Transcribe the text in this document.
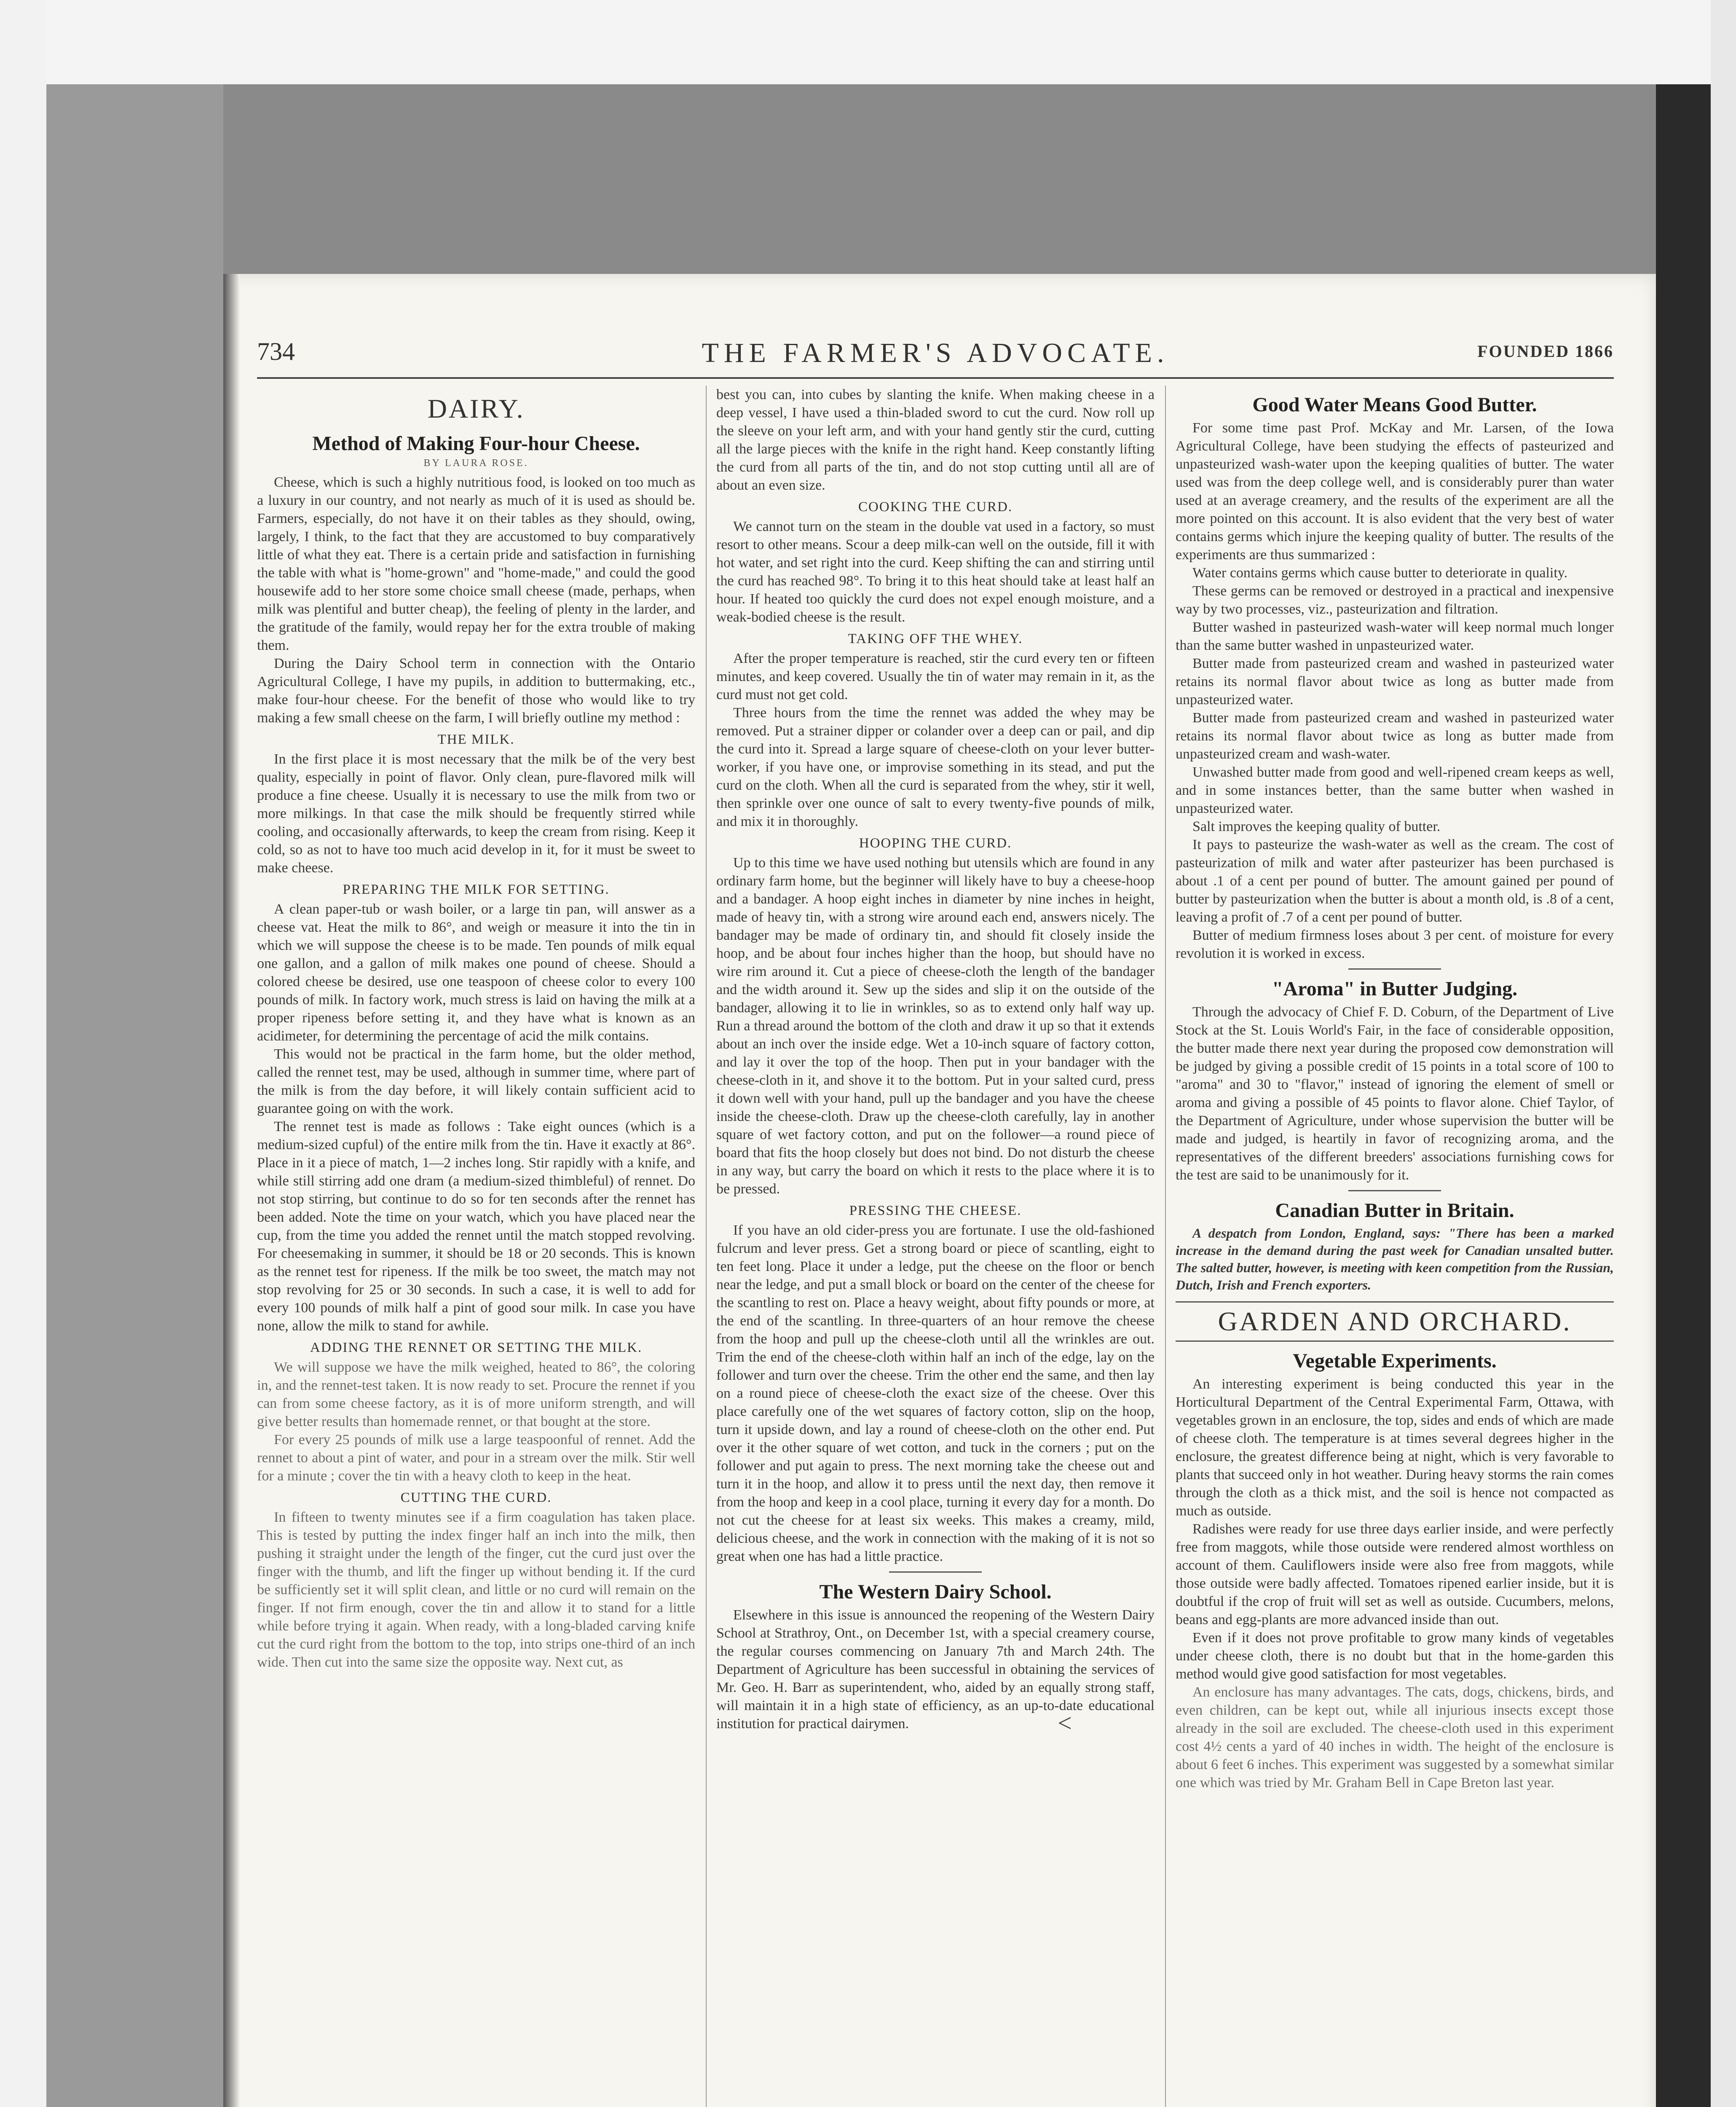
THE FARMER'S ADVOCATE.
734	FOUNDED 1866
DAIRY.
Method of Making Four-hour Cheese.
BY LAURA ROSE.

Cheese, which is such a highly nutritious food, is looked on too much as a luxury in our country, and not nearly as much of it is used as should be. Farmers, especially, do not have it on their tables as they should, owing, largely, I think, to the fact that they are accustomed to buy comparatively little of what they eat. There is a certain pride and satisfaction in furnishing the table with what is "home-grown" and "home-made," and could the good housewife add to her store some choice small cheese (made, perhaps, when milk was plentiful and butter cheap), the feeling of plenty in the larder, and the gratitude of the family, would repay her for the extra trouble of making them.

During the Dairy School term in connection with the Ontario Agricultural College, I have my pupils, in addition to buttermaking, etc., make four-hour cheese. For the benefit of those who would like to try making a few small cheese on the farm, I will briefly outline my method :

THE MILK.

In the first place it is most necessary that the milk be of the very best quality, especially in point of flavor. Only clean, pure-flavored milk will produce a fine cheese. Usually it is necessary to use the milk from two or more milkings. In that case the milk should be frequently stirred while cooling, and occasionally afterwards, to keep the cream from rising. Keep it cold, so as not to have too much acid develop in it, for it must be sweet to make cheese.

PREPARING THE MILK FOR SETTING.

A clean paper-tub or wash boiler, or a large tin pan, will answer as a cheese vat. Heat the milk to 86°, and weigh or measure it into the tin in which we will suppose the cheese is to be made. Ten pounds of milk equal one gallon, and a gallon of milk makes one pound of cheese. Should a colored cheese be desired, use one teaspoon of cheese color to every 100 pounds of milk. In factory work, much stress is laid on having the milk at a proper ripeness before setting it, and they have what is known as an acidimeter, for determining the percentage of acid the milk contains.

This would not be practical in the farm home, but the older method, called the rennet test, may be used, although in summer time, where part of the milk is from the day before, it will likely contain sufficient acid to guarantee going on with the work.

The rennet test is made as follows : Take eight ounces (which is a medium-sized cupful) of the entire milk from the tin. Have it exactly at 86°. Place in it a piece of match, 1—2 inches long. Stir rapidly with a knife, and while still stirring add one dram (a medium-sized thimbleful) of rennet. Do not stop stirring, but continue to do so for ten seconds after the rennet has been added. Note the time on your watch, which you have placed near the cup, from the time you added the rennet until the match stopped revolving. For cheesemaking in summer, it should be 18 or 20 seconds. This is known as the rennet test for ripeness. If the milk be too sweet, the match may not stop revolving for 25 or 30 seconds. In such a case, it is well to add for every 100 pounds of milk half a pint of good sour milk. In case you have none, allow the milk to stand for awhile.

ADDING THE RENNET OR SETTING THE MILK.

We will suppose we have the milk weighed, heated to 86°, the coloring in, and the rennet-test taken. It is now ready to set. Procure the rennet if you can from some cheese factory, as it is of more uniform strength, and will give better results than homemade rennet, or that bought at the store.

For every 25 pounds of milk use a large teaspoonful of rennet. Add the rennet to about a pint of water, and pour in a stream over the milk. Stir well for a minute ; cover the tin with a heavy cloth to keep in the heat.

CUTTING THE CURD.

In fifteen to twenty minutes see if a firm coagulation has taken place. This is tested by putting the index finger half an inch into the milk, then pushing it straight under the length of the finger, cut the curd just over the finger with the thumb, and lift the finger up without bending it. If the curd be sufficiently set it will split clean, and little or no curd will remain on the finger. If not firm enough, cover the tin and allow it to stand for a little while before trying it again. When ready, with a long-bladed carving knife cut the curd right from the bottom to the top, into strips one-third of an inch wide. Then cut into the same size the opposite way. Next cut, as

best you can, into cubes by slanting the knife. When making cheese in a deep vessel, I have used a thin-bladed sword to cut the curd. Now roll up the sleeve on your left arm, and with your hand gently stir the curd, cutting all the large pieces with the knife in the right hand. Keep constantly lifting the curd from all parts of the tin, and do not stop cutting until all are of about an even size.

COOKING THE CURD.

We cannot turn on the steam in the double vat used in a factory, so must resort to other means. Scour a deep milk-can well on the outside, fill it with hot water, and set right into the curd. Keep shifting the can and stirring until the curd has reached 98°. To bring it to this heat should take at least half an hour. If heated too quickly the curd does not expel enough moisture, and a weak-bodied cheese is the result.

TAKING OFF THE WHEY.

After the proper temperature is reached, stir the curd every ten or fifteen minutes, and keep covered. Usually the tin of water may remain in it, as the curd must not get cold.

Three hours from the time the rennet was added the whey may be removed. Put a strainer dipper or colander over a deep can or pail, and dip the curd into it. Spread a large square of cheese-cloth on your lever butter-worker, if you have one, or improvise something in its stead, and put the curd on the cloth. When all the curd is separated from the whey, stir it well, then sprinkle over one ounce of salt to every twenty-five pounds of milk, and mix it in thoroughly.

HOOPING THE CURD.

Up to this time we have used nothing but utensils which are found in any ordinary farm home, but the beginner will likely have to buy a cheese-hoop and a bandager. A hoop eight inches in diameter by nine inches in height, made of heavy tin, with a strong wire around each end, answers nicely. The bandager may be made of ordinary tin, and should fit closely inside the hoop, and be about four inches higher than the hoop, but should have no wire rim around it. Cut a piece of cheese-cloth the length of the bandager and the width around it. Sew up the sides and slip it on the outside of the bandager, allowing it to lie in wrinkles, so as to extend only half way up. Run a thread around the bottom of the cloth and draw it up so that it extends about an inch over the inside edge. Wet a 10-inch square of factory cotton, and lay it over the top of the hoop. Then put in your bandager with the cheese-cloth in it, and shove it to the bottom. Put in your salted curd, press it down well with your hand, pull up the bandager and you have the cheese inside the cheese-cloth. Draw up the cheese-cloth carefully, lay in another square of wet factory cotton, and put on the follower—a round piece of board that fits the hoop closely but does not bind. Do not disturb the cheese in any way, but carry the board on which it rests to the place where it is to be pressed.

PRESSING THE CHEESE.

If you have an old cider-press you are fortunate. I use the old-fashioned fulcrum and lever press. Get a strong board or piece of scantling, eight to ten feet long. Place it under a ledge, put the cheese on the floor or bench near the ledge, and put a small block or board on the center of the cheese for the scantling to rest on. Place a heavy weight, about fifty pounds or more, at the end of the scantling. In three-quarters of an hour remove the cheese from the hoop and pull up the cheese-cloth until all the wrinkles are out. Trim the end of the cheese-cloth within half an inch of the edge, lay on the follower and turn over the cheese. Trim the other end the same, and then lay on a round piece of cheese-cloth the exact size of the cheese. Over this place carefully one of the wet squares of factory cotton, slip on the hoop, turn it upside down, and lay a round of cheese-cloth on the other end. Put over it the other square of wet cotton, and tuck in the corners ; put on the follower and put again to press. The next morning take the cheese out and turn it in the hoop, and allow it to press until the next day, then remove it from the hoop and keep in a cool place, turning it every day for a month. Do not cut the cheese for at least six weeks. This makes a creamy, mild, delicious cheese, and the work in connection with the making of it is not so great when one has had a little practice.

The Western Dairy School.

Elsewhere in this issue is announced the reopening of the Western Dairy School at Strathroy, Ont., on December 1st, with a special creamery course, the regular courses commencing on January 7th and March 24th. The Department of Agriculture has been successful in obtaining the services of Mr. Geo. H. Barr as superintendent, who, aided by an equally strong staff, will maintain it in a high state of efficiency, as an up-to-date educational institution for practical dairymen.

Good Water Means Good Butter.

For some time past Prof. McKay and Mr. Larsen, of the Iowa Agricultural College, have been studying the effects of pasteurized and unpasteurized wash-water upon the keeping qualities of butter. The water used was from the deep college well, and is considerably purer than water used at an average creamery, and the results of the experiment are all the more pointed on this account. It is also evident that the very best of water contains germs which injure the keeping quality of butter. The results of the experiments are thus summarized :

Water contains germs which cause butter to deteriorate in quality.

These germs can be removed or destroyed in a practical and inexpensive way by two processes, viz., pasteurization and filtration.

Butter washed in pasteurized wash-water will keep normal much longer than the same butter washed in unpasteurized water.

Butter made from pasteurized cream and washed in pasteurized water retains its normal flavor about twice as long as butter made from unpasteurized water.

Butter made from pasteurized cream and washed in pasteurized water retains its normal flavor about twice as long as butter made from unpasteurized cream and wash-water.

Unwashed butter made from good and well-ripened cream keeps as well, and in some instances better, than the same butter when washed in unpasteurized water.

Salt improves the keeping quality of butter.

It pays to pasteurize the wash-water as well as the cream. The cost of pasteurization of milk and water after pasteurizer has been purchased is about .1 of a cent per pound of butter. The amount gained per pound of butter by pasteurization when the butter is about a month old, is .8 of a cent, leaving a profit of .7 of a cent per pound of butter.

Butter of medium firmness loses about 3 per cent. of moisture for every revolution it is worked in excess.

"Aroma" in Butter Judging.

Through the advocacy of Chief F. D. Coburn, of the Department of Live Stock at the St. Louis World's Fair, in the face of considerable opposition, the butter made there next year during the proposed cow demonstration will be judged by giving a possible credit of 15 points in a total score of 100 to "aroma" and 30 to "flavor," instead of ignoring the element of smell or aroma and giving a possible of 45 points to flavor alone. Chief Taylor, of the Department of Agriculture, under whose supervision the butter will be made and judged, is heartily in favor of recognizing aroma, and the representatives of the different breeders' associations furnishing cows for the test are said to be unanimously for it.

Canadian Butter in Britain.

A despatch from London, England, says: "There has been a marked increase in the demand during the past week for Canadian unsalted butter. The salted butter, however, is meeting with keen competition from the Russian, Dutch, Irish and French exporters.

GARDEN AND ORCHARD.
Vegetable Experiments.

An interesting experiment is being conducted this year in the Horticultural Department of the Central Experimental Farm, Ottawa, with vegetables grown in an enclosure, the top, sides and ends of which are made of cheese cloth. The temperature is at times several degrees higher in the enclosure, the greatest difference being at night, which is very favorable to plants that succeed only in hot weather. During heavy storms the rain comes through the cloth as a thick mist, and the soil is hence not compacted as much as outside.

Radishes were ready for use three days earlier inside, and were perfectly free from maggots, while those outside were rendered almost worthless on account of them. Cauliflowers inside were also free from maggots, while those outside were badly affected. Tomatoes ripened earlier inside, but it is doubtful if the crop of fruit will set as well as outside. Cucumbers, melons, beans and egg-plants are more advanced inside than out.

Even if it does not prove profitable to grow many kinds of vegetables under cheese cloth, there is no doubt but that in the home-garden this method would give good satisfaction for most vegetables.

An enclosure has many advantages. The cats, dogs, chickens, birds, and even children, can be kept out, while all injurious insects except those already in the soil are excluded. The cheese-cloth used in this experiment cost 4½ cents a yard of 40 inches in width. The height of the enclosure is about 6 feet 6 inches. This experiment was suggested by a somewhat similar one which was tried by Mr. Graham Bell in Cape Breton last year.

<
